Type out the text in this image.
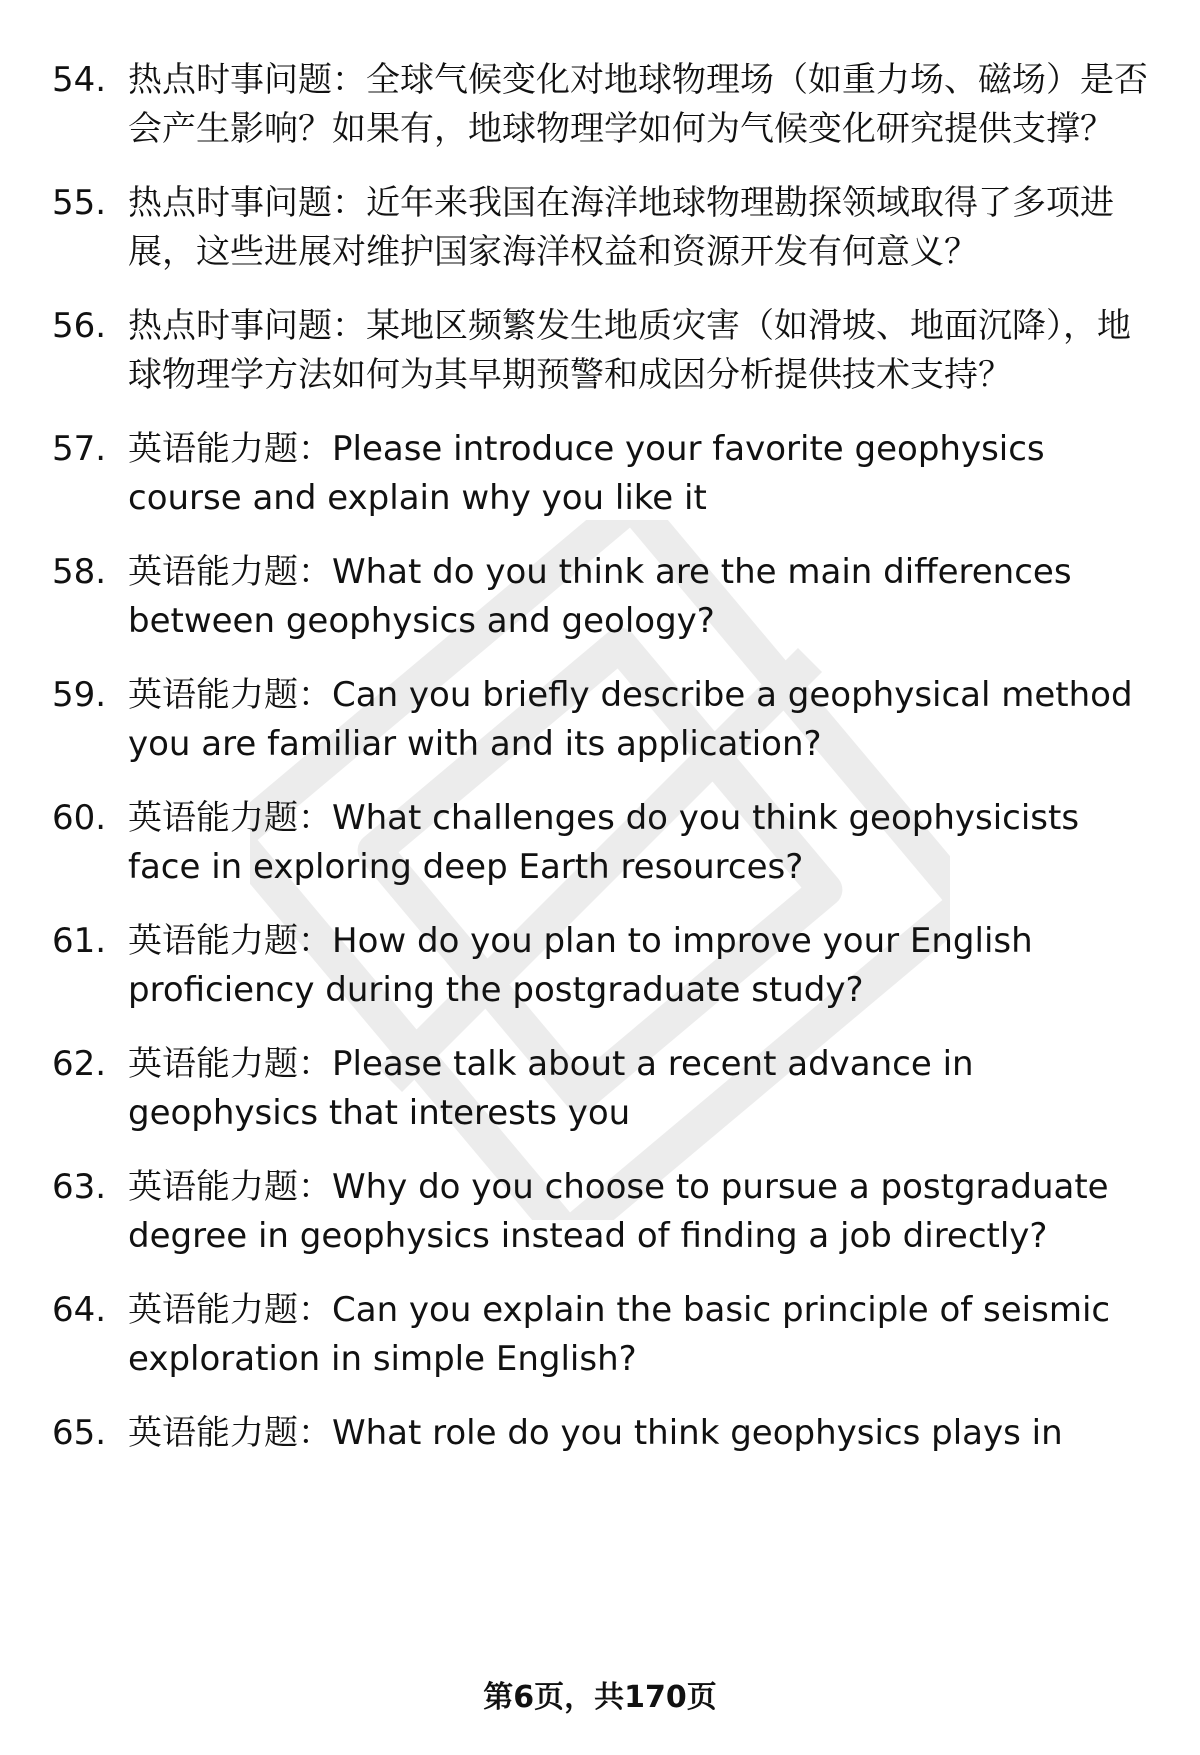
54. 热点时事问题：全球气候变化对地球物理场（如重力场、磁场）是否会产生影响？如果有，地球物理学如何为气候变化研究提供支撑？
55. 热点时事问题：近年来我国在海洋地球物理勘探领域取得了多项进展，这些进展对维护国家海洋权益和资源开发有何意义？
56. 热点时事问题：某地区频繁发生地质灾害（如滑坡、地面沉降），地球物理学方法如何为其早期预警和成因分析提供技术支持？
57. 英语能力题：Please introduce your favorite geophysics course and explain why you like it
58. 英语能力题：What do you think are the main differences between geophysics and geology?
59. 英语能力题：Can you briefly describe a geophysical method you are familiar with and its application?
60. 英语能力题：What challenges do you think geophysicists face in exploring deep Earth resources?
61. 英语能力题：How do you plan to improve your English proficiency during the postgraduate study?
62. 英语能力题：Please talk about a recent advance in geophysics that interests you
63. 英语能力题：Why do you choose to pursue a postgraduate degree in geophysics instead of finding a job directly?
64. 英语能力题：Can you explain the basic principle of seismic exploration in simple English?
65. 英语能力题：What role do you think geophysics plays in
第6页，共170页
